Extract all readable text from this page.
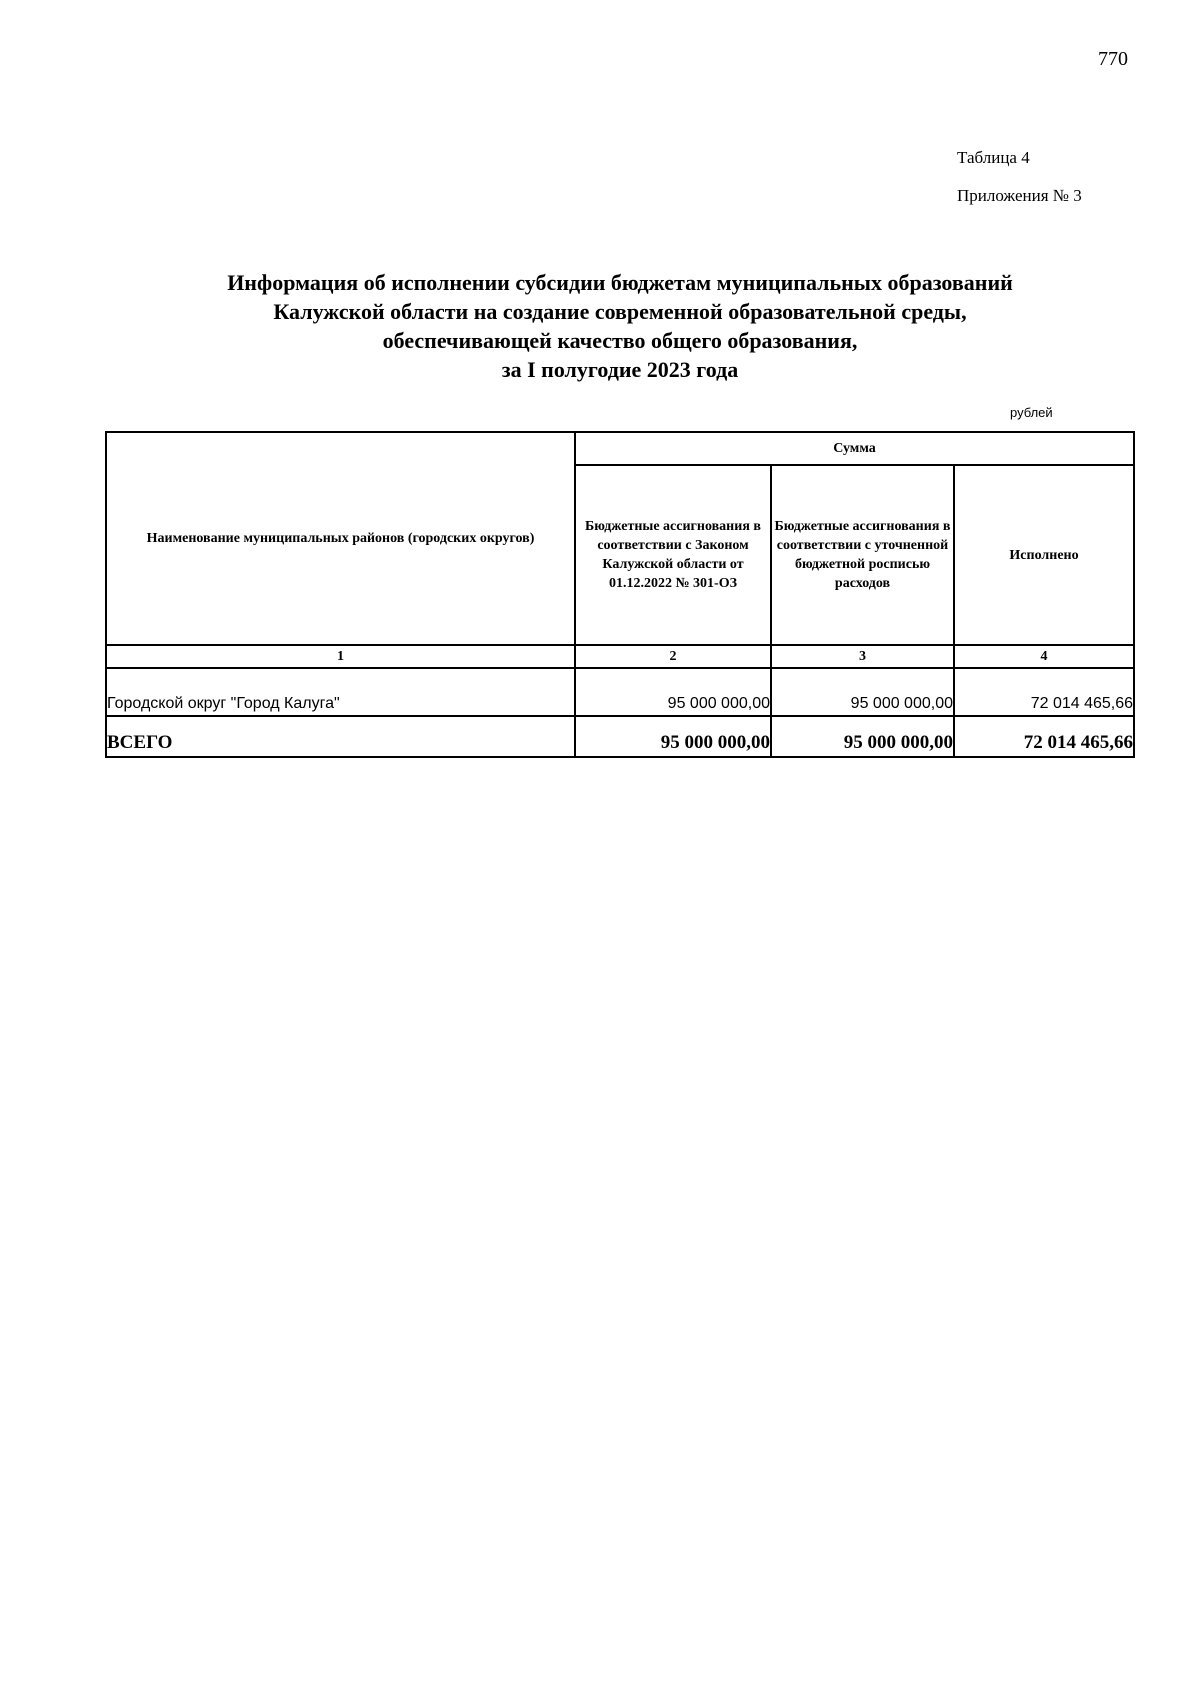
770
Таблица 4
Приложения № 3
Информация об исполнении субсидии бюджетам муниципальных образований
Калужской области на создание современной образовательной среды,
обеспечивающей качество общего образования,
за I полугодие 2023 года
рублей
Наименование муниципальных районов (городских округов)	Сумма		
	Бюджетные ассигнования в соответствии с Законом Калужской области от 01.12.2022 № 301-ОЗ	Бюджетные ассигнования в соответствии с уточненной бюджетной росписью расходов	Исполнено
1	2	3	4
Городской округ "Город Калуга"	95 000 000,00	95 000 000,00	72 014 465,66
ВСЕГО	95 000 000,00	95 000 000,00	72 014 465,66
